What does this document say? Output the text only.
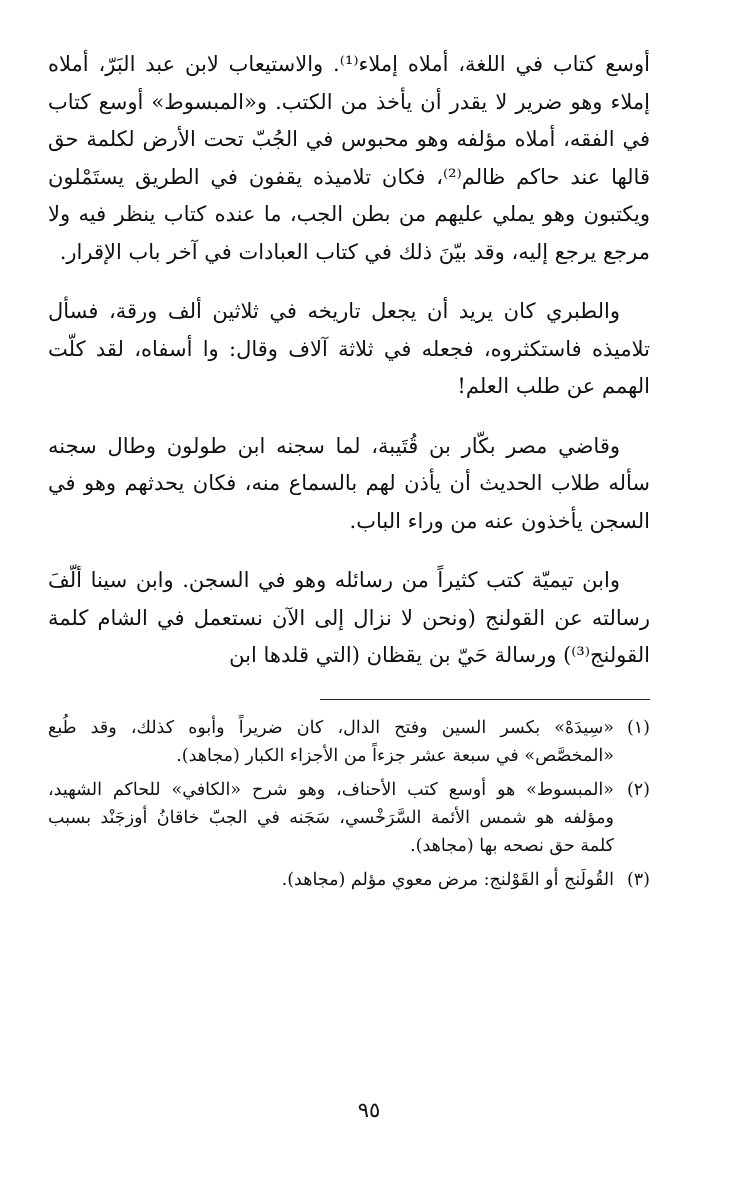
أوسع كتاب في اللغة، أملاه إملاء⁽¹⁾. والاستيعاب لابن عبد البَرّ، أملاه إملاء وهو ضرير لا يقدر أن يأخذ من الكتب. و«المبسوط» أوسع كتاب في الفقه، أملاه مؤلفه وهو محبوس في الجُبّ تحت الأرض لكلمة حق قالها عند حاكم ظالم⁽²⁾، فكان تلاميذه يقفون في الطريق يستَمْلون ويكتبون وهو يملي عليهم من بطن الجب، ما عنده كتاب ينظر فيه ولا مرجع يرجع إليه، وقد بيّنَ ذلك في كتاب العبادات في آخر باب الإقرار.

والطبري كان يريد أن يجعل تاريخه في ثلاثين ألف ورقة، فسأل تلاميذه فاستكثروه، فجعله في ثلاثة آلاف وقال: وا أسفاه، لقد كلّت الهمم عن طلب العلم!

وقاضي مصر بكّار بن قُتَيبة، لما سجنه ابن طولون وطال سجنه سأله طلاب الحديث أن يأذن لهم بالسماع منه، فكان يحدثهم وهو في السجن يأخذون عنه من وراء الباب.

وابن تيميّة كتب كثيراً من رسائله وهو في السجن. وابن سينا ألّفَ رسالته عن القولنج (ونحن لا نزال إلى الآن نستعمل في الشام كلمة القولنج⁽³⁾) ورسالة حَيّ بن يقظان (التي قلدها ابن

(١)
«سِيدَهْ» بكسر السين وفتح الدال، كان ضريراً وأبوه كذلك، وقد طُبع «المخصَّص» في سبعة عشر جزءاً من الأجزاء الكبار (مجاهد).
(٢)
«المبسوط» هو أوسع كتب الأحناف، وهو شرح «الكافي» للحاكم الشهيد، ومؤلفه هو شمس الأئمة السَّرَخْسي، سَجَنه في الجبّ خاقانُ أوزجَنْد بسبب كلمة حق نصحه بها (مجاهد).
(٣)
القُولَنج أو القَوْلنج: مرض معوي مؤلم (مجاهد).
٩٥
